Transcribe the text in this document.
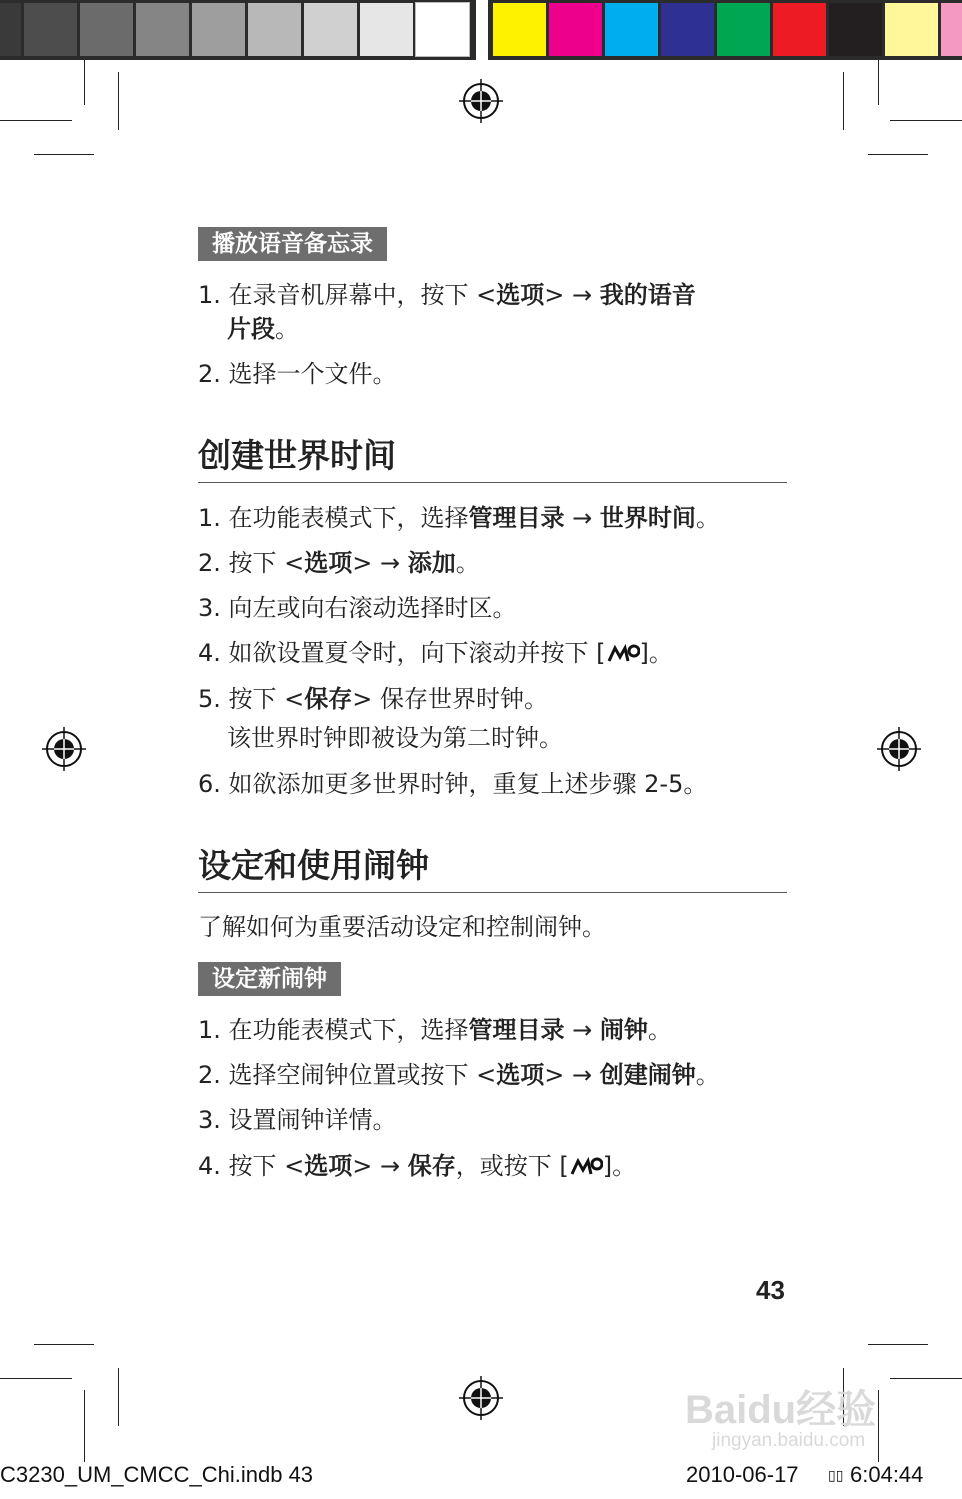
播放语音备忘录
1. 在录音机屏幕中，按下 <选项> → 我的语音
片段。
2. 选择一个文件。
创建世界时间
1. 在功能表模式下，选择管理目录 → 世界时间。
2. 按下 <选项> → 添加。
3. 向左或向右滚动选择时区。
4. 如欲设置夏令时，向下滚动并按下 [ ]。
5. 按下 <保存> 保存世界时钟。
该世界时钟即被设为第二时钟。
6. 如欲添加更多世界时钟，重复上述步骤 2-5。
设定和使用闹钟
了解如何为重要活动设定和控制闹钟。
设定新闹钟
1. 在功能表模式下，选择管理目录 → 闹钟。
2. 选择空闹钟位置或按下 <选项> → 创建闹钟。
3. 设置闹钟详情。
4. 按下 <选项> → 保存，或按下 [ ]。
43
Baidu经验
jingyan.baidu.com
C3230_UM_CMCC_Chi.indb 43	2010-06-17 ▯▯ 6:04:44
